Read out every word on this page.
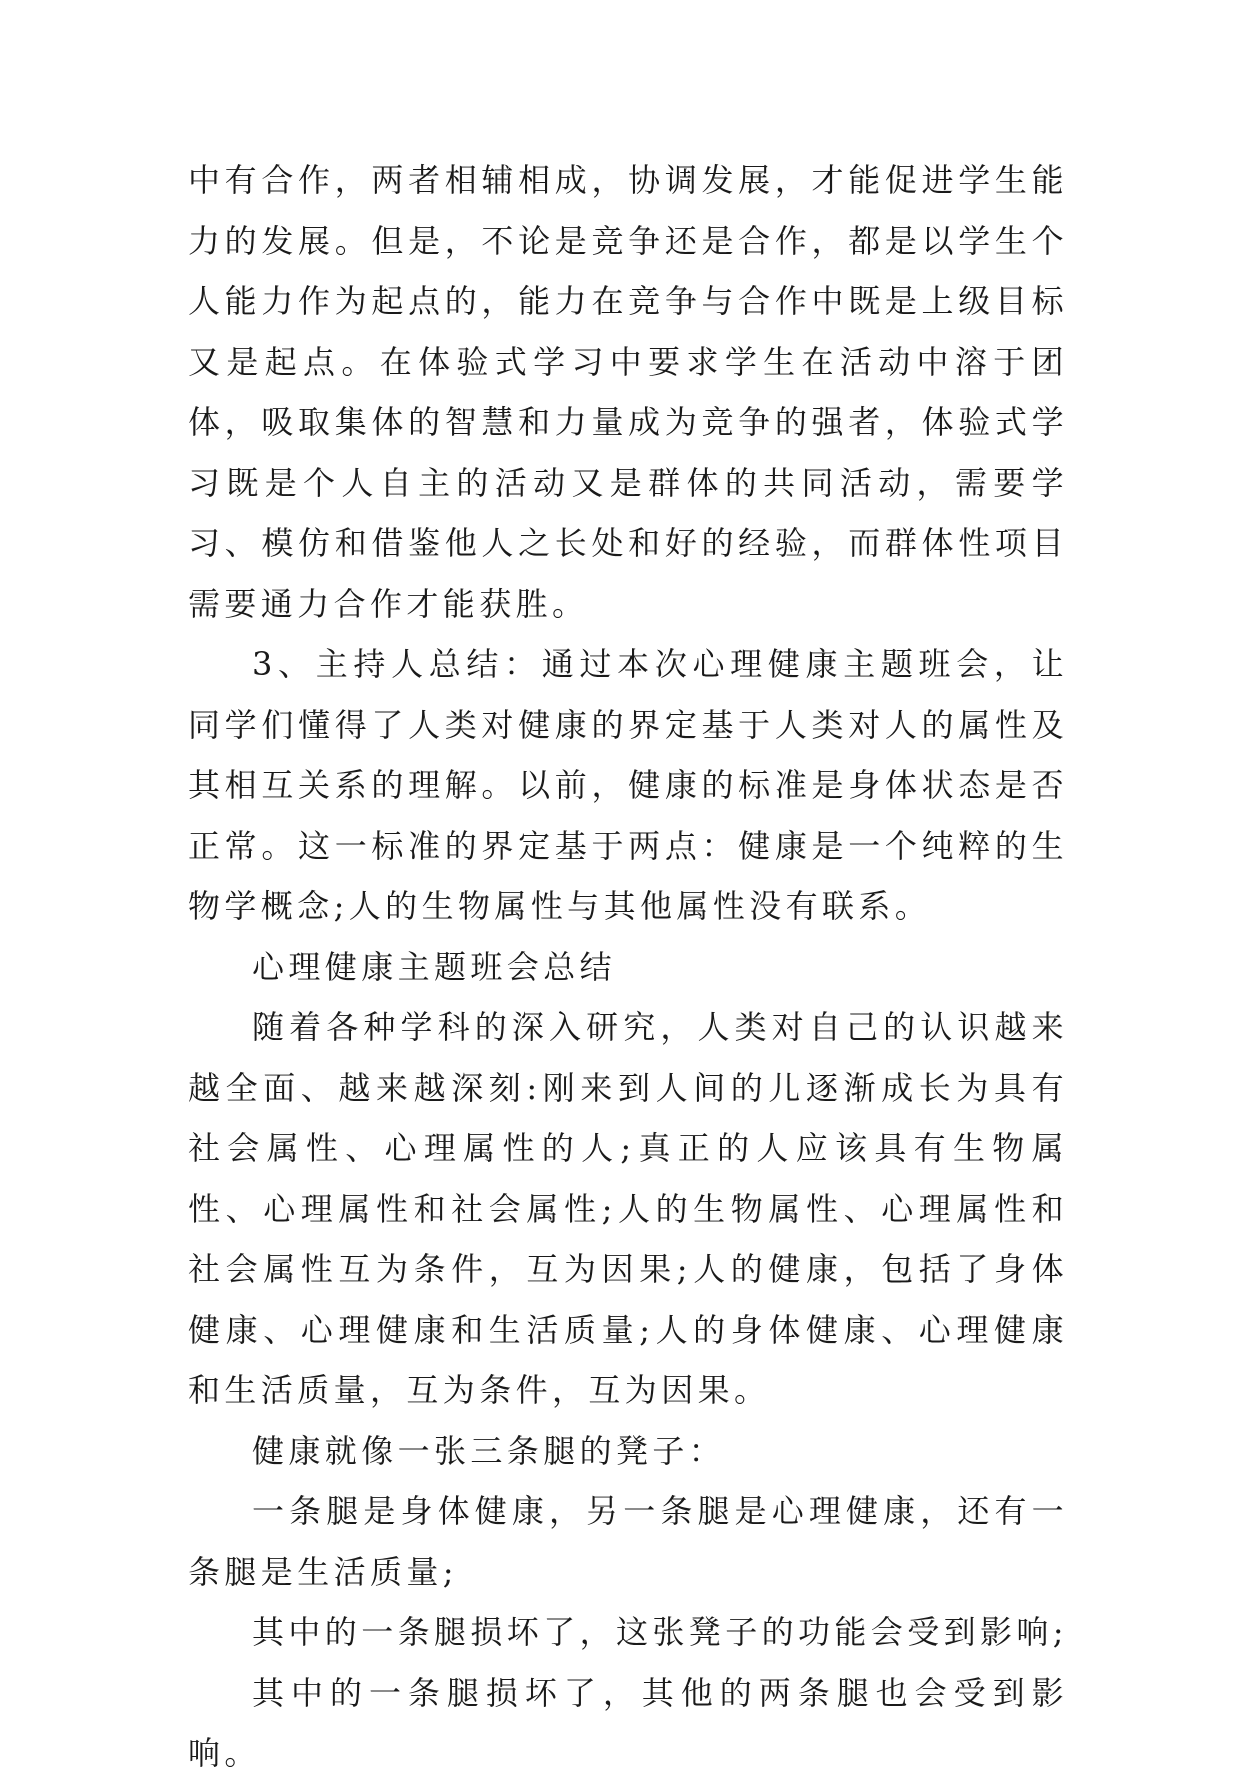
中有合作，两者相辅相成，协调发展，才能促进学生能力的发展。但是，不论是竞争还是合作，都是以学生个人能力作为起点的，能力在竞争与合作中既是上级目标又是起点。在体验式学习中要求学生在活动中溶于团体，吸取集体的智慧和力量成为竞争的强者，体验式学习既是个人自主的活动又是群体的共同活动，需要学习、模仿和借鉴他人之长处和好的经验，而群体性项目需要通力合作才能获胜。

3、主持人总结：通过本次心理健康主题班会，让同学们懂得了人类对健康的界定基于人类对人的属性及其相互关系的理解。以前，健康的标准是身体状态是否正常。这一标准的界定基于两点：健康是一个纯粹的生物学概念;人的生物属性与其他属性没有联系。

心理健康主题班会总结

随着各种学科的深入研究，人类对自己的认识越来越全面、越来越深刻:刚来到人间的儿逐渐成长为具有社会属性、心理属性的人;真正的人应该具有生物属性、心理属性和社会属性;人的生物属性、心理属性和社会属性互为条件，互为因果;人的健康，包括了身体健康、心理健康和生活质量;人的身体健康、心理健康和生活质量，互为条件，互为因果。

健康就像一张三条腿的凳子：

一条腿是身体健康，另一条腿是心理健康，还有一条腿是生活质量;

其中的一条腿损坏了，这张凳子的功能会受到影响;

其中的一条腿损坏了，其他的两条腿也会受到影响。
